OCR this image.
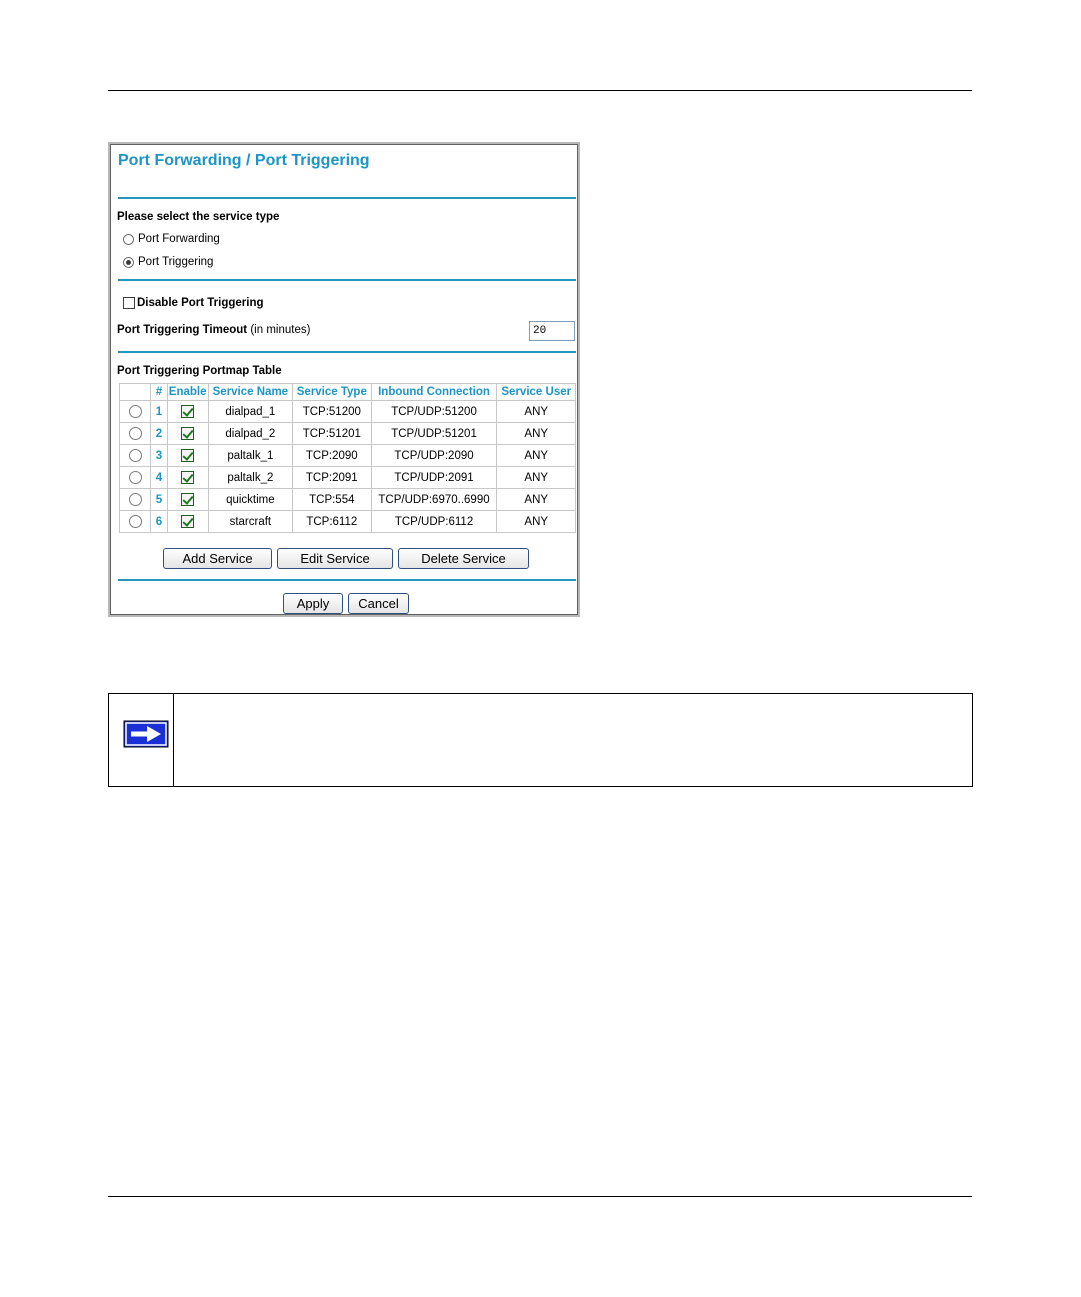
Port Forwarding / Port Triggering
Please select the service type
Port Forwarding
Port Triggering
Disable Port Triggering
Port Triggering Timeout (in minutes)	20
Port Triggering Portmap Table
	#	Enable	Service Name	Service Type	Inbound Connection	Service User
	1		dialpad_1	TCP:51200	TCP/UDP:51200	ANY
	2		dialpad_2	TCP:51201	TCP/UDP:51201	ANY
	3		paltalk_1	TCP:2090	TCP/UDP:2090	ANY
	4		paltalk_2	TCP:2091	TCP/UDP:2091	ANY
	5		quicktime	TCP:554	TCP/UDP:6970..6990	ANY
	6		starcraft	TCP:6112	TCP/UDP:6112	ANY
Add Service	Edit Service	Delete Service
Apply	Cancel
